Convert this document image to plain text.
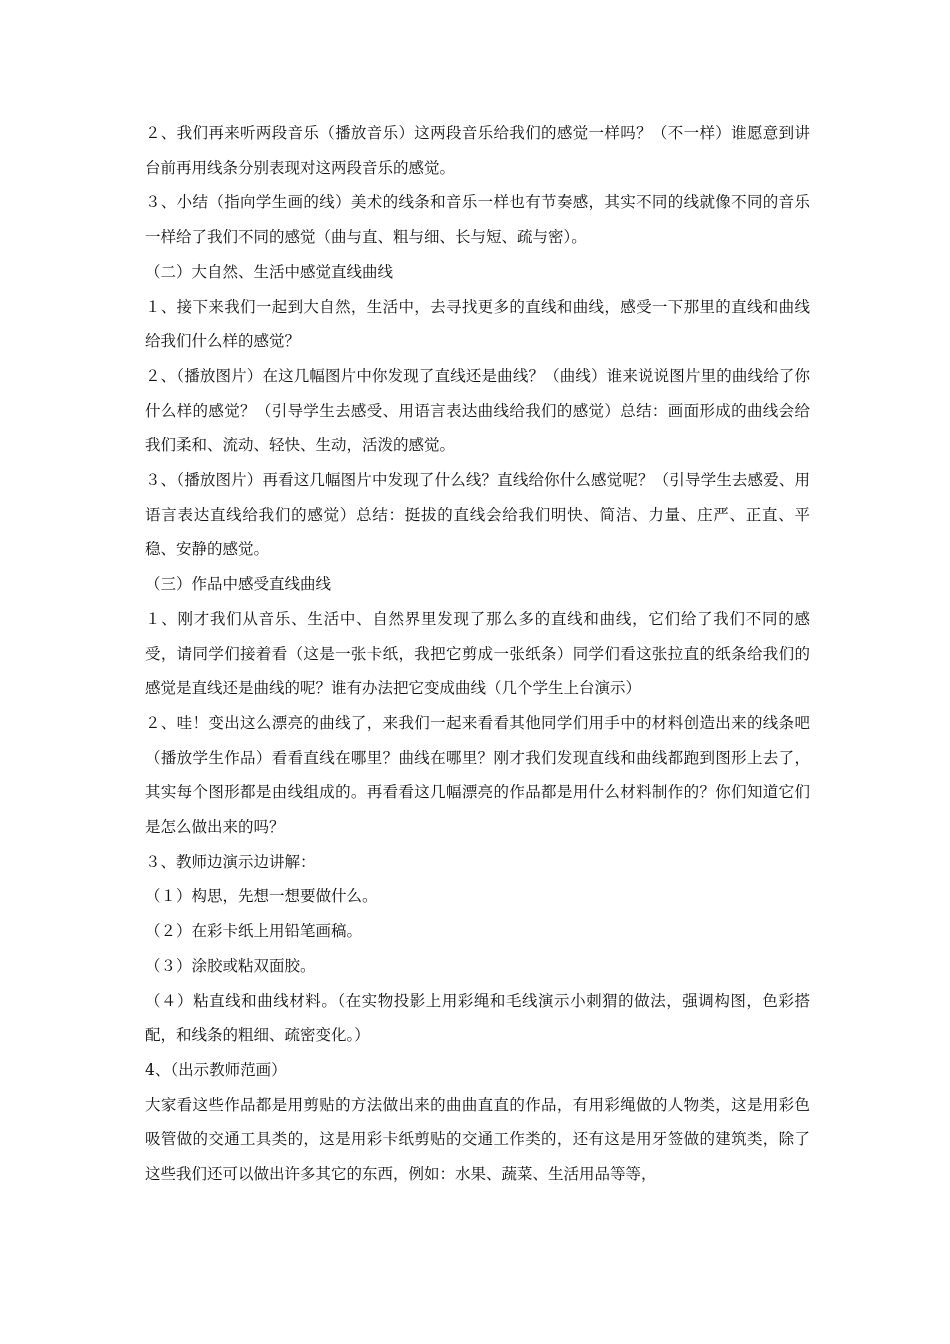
２、我们再来听两段音乐（播放音乐）这两段音乐给我们的感觉一样吗？（不一样）谁愿意到讲台前再用线条分别表现对这两段音乐的感觉。

３、小结（指向学生画的线）美术的线条和音乐一样也有节奏感，其实不同的线就像不同的音乐一样给了我们不同的感觉（曲与直、粗与细、长与短、疏与密）。

（二）大自然、生活中感觉直线曲线

１、接下来我们一起到大自然，生活中，去寻找更多的直线和曲线，感受一下那里的直线和曲线给我们什么样的感觉？

２、（播放图片）在这几幅图片中你发现了直线还是曲线？（曲线）谁来说说图片里的曲线给了你什么样的感觉？（引导学生去感受、用语言表达曲线给我们的感觉）总结：画面形成的曲线会给我们柔和、流动、轻快、生动，活泼的感觉。

３、（播放图片）再看这几幅图片中发现了什么线？直线给你什么感觉呢？（引导学生去感爱、用语言表达直线给我们的感觉）总结：挺拔的直线会给我们明快、简洁、力量、庄严、正直、平稳、安静的感觉。

（三）作品中感受直线曲线

１、刚才我们从音乐、生活中、自然界里发现了那么多的直线和曲线，它们给了我们不同的感受，请同学们接着看（这是一张卡纸，我把它剪成一张纸条）同学们看这张拉直的纸条给我们的感觉是直线还是曲线的呢？谁有办法把它变成曲线（几个学生上台演示）

２、哇！变出这么漂亮的曲线了，来我们一起来看看其他同学们用手中的材料创造出来的线条吧（播放学生作品）看看直线在哪里？曲线在哪里？刚才我们发现直线和曲线都跑到图形上去了，其实每个图形都是由线组成的。再看看这几幅漂亮的作品都是用什么材料制作的？你们知道它们是怎么做出来的吗？

３、教师边演示边讲解：

（１）构思，先想一想要做什么。

（２）在彩卡纸上用铅笔画稿。

（３）涂胶或粘双面胶。

（４）粘直线和曲线材料。（在实物投影上用彩绳和毛线演示小刺猬的做法，强调构图，色彩搭配，和线条的粗细、疏密变化。）

4、（出示教师范画）

大家看这些作品都是用剪贴的方法做出来的曲曲直直的作品，有用彩绳做的人物类，这是用彩色吸管做的交通工具类的，这是用彩卡纸剪贴的交通工作类的，还有这是用牙签做的建筑类，除了这些我们还可以做出许多其它的东西，例如：水果、蔬菜、生活用品等等，
